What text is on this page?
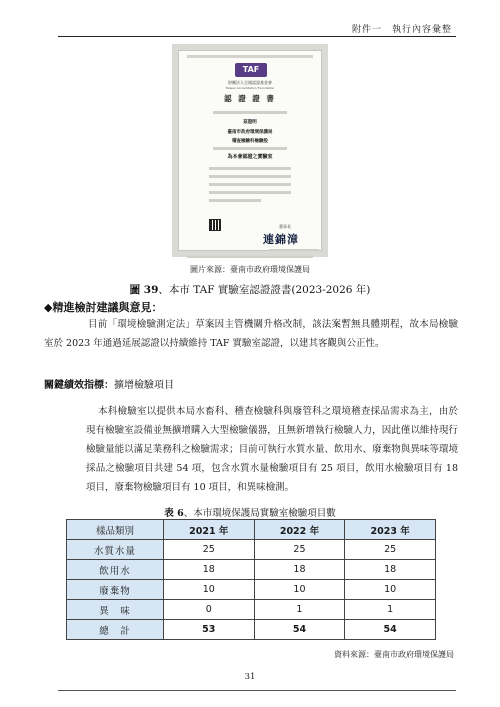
附件一　執行內容彙整
TAF
財團法人全國認證基金會
Taiwan Accreditation Foundation
認 證 證 書
茲證明
臺南市政府環境保護局
稽查檢驗科檢驗股
為本會認證之實驗室
董事長
連錦漳
圖片來源：臺南市政府環境保護局
圖 39、本市 TAF 實驗室認證證書(2023-2026 年)
◆精進檢討建議與意見：
目前「環境檢驗測定法」草案因主管機關升格改制，該法案暫無具體期程，故本局檢驗室於 2023 年通過延展認證以持續維持 TAF 實驗室認證，以建其客觀與公正性。
關鍵績效指標：擴增檢驗項目
本科檢驗室以提供本局水畜科、稽查檢驗科與廢管科之環境稽查採品需求為主，由於現有檢驗室設備並無擴增購入大型檢驗儀器，且無新增執行檢驗人力，因此僅以維持現行檢驗量能以滿足業務科之檢驗需求；目前可執行水質水量、飲用水、廢棄物與異味等環境採品之檢驗項目共建 54 項，包含水質水量檢驗項目有 25 項目，飲用水檢驗項目有 18 項目，廢棄物檢驗項目有 10 項目，和異味檢測。
表 6、本市環境保護局實驗室檢驗項目數
樣品類別	2021 年	2022 年	2023 年
水質水量	25	25	25
飲用水	18	18	18
廢棄物	10	10	10
異　味	0	1	1
總　計	53	54	54
資料來源：臺南市政府環境保護局
31
